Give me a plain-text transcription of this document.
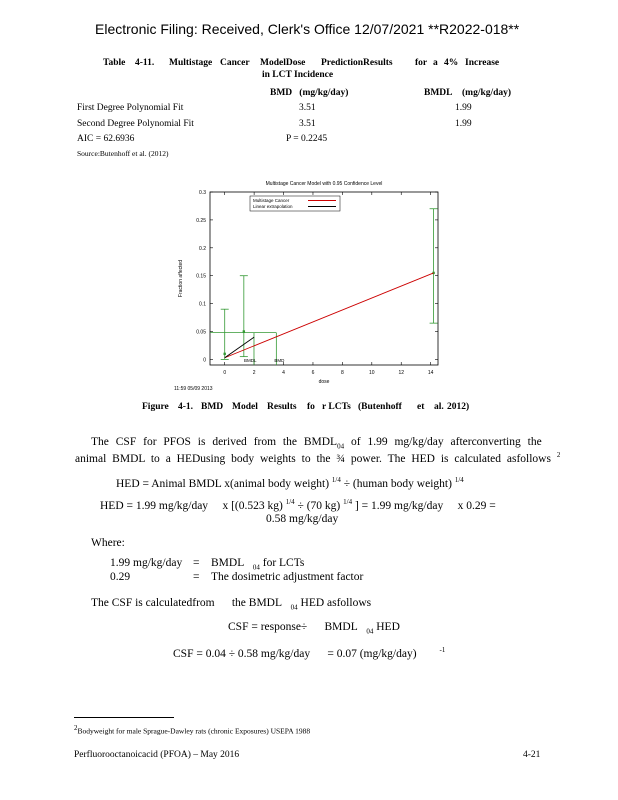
Electronic Filing: Received, Clerk's Office 12/07/2021 **R2022-018**
Table 4-11. Multistage Cancer ModelDose PredictionResults for a 4% Increase
in LCT Incidence
BMD (mg/kg/day)	BMDL (mg/kg/day)
First Degree Polynomial Fit	3.51	1.99
Second Degree Polynomial Fit	3.51	1.99
AIC = 62.6936	P = 0.2245
Source:Butenhoff et al. (2012)
Multistage Cancer Model with 0.95 Confidence Level
0
0.05
0.1
0.15
0.2
0.25
0.3
0	2	4	6	8	10	12	14
dose
Fraction affected
11:59 05/09 2013
BMDL	BMD
Multistage Cancer
Linear extrapolation
Figure 4-1. BMD Model Results fo r LCTs (Butenhoff et al. 2012)
The CSF for PFOS is derived from the $BMDL_{04}$ of 1.99 mg/kg/day afterconverting the
animal BMDL to a HEDusing body weights to the ¾ power. The HED is calculated asfollows $^2$
HED = Animal BMDL x(animal body weight) $^{1/4}$ ÷ (human body weight) $^{1/4}$
HED = 1.99 mg/kg/day x [(0.523 kg) $^{1/4}$ ÷ (70 kg) $^{1/4}$ ] = 1.99 mg/kg/day x 0.29 =
0.58 mg/kg/day
Where:
1.99 mg/kg/day = BMDL $_{04}$ for LCTs
0.29	= The dosimetric adjustment factor
The CSF is calculatedfrom the BMDL $_{04}$ HED asfollows
CSF = response÷ BMDL $_{04}$ HED
CSF = 0.04 ÷ 0.58 mg/kg/day = 0.07 (mg/kg/day)	$^{-1}$
2Bodyweight for male Sprague-Dawley rats (chronic Exposures) USEPA 1988
Perfluorooctanoicacid (PFOA) – May 2016	4-21
